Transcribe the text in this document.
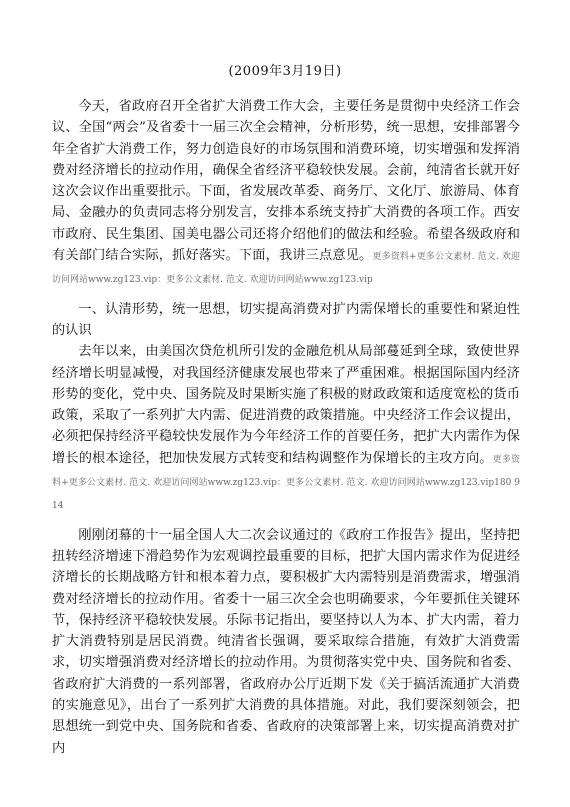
(2009年3月19日)

今天，省政府召开全省扩大消费工作大会，主要任务是贯彻中央经济工作会议、全国“两会”及省委十一届三次全会精神，分析形势，统一思想，安排部署今年全省扩大消费工作，努力创造良好的市场氛围和消费环境，切实增强和发挥消费对经济增长的拉动作用，确保全省经济平稳较快发展。会前，纯清省长就开好这次会议作出重要批示。下面，省发展改革委、商务厅、文化厅、旅游局、体育局、金融办的负责同志将分别发言，安排本系统支持扩大消费的各项工作。西安市政府、民生集团、国美电器公司还将介绍他们的做法和经验。希望各级政府和有关部门结合实际，抓好落实。下面，我讲三点意见。更多资料+更多公文素材. 范文. 欢迎访问网站www.zg123.vip：更多公文素材. 范文. 欢迎访问网站www.zg123.vip

一、认清形势，统一思想，切实提高消费对扩内需保增长的重要性和紧迫性的认识

去年以来，由美国次贷危机所引发的金融危机从局部蔓延到全球，致使世界经济增长明显减慢，对我国经济健康发展也带来了严重困难。根据国际国内经济形势的变化，党中央、国务院及时果断实施了积极的财政政策和适度宽松的货币政策，采取了一系列扩大内需、促进消费的政策措施。中央经济工作会议提出，必须把保持经济平稳较快发展作为今年经济工作的首要任务，把扩大内需作为保增长的根本途径，把加快发展方式转变和结构调整作为保增长的主攻方向。更多资料+更多公文素材. 范文. 欢迎访问网站www.zg123.vip：更多公文素材. 范文. 欢迎访问网站www.zg123.vip180 914

刚刚闭幕的十一届全国人大二次会议通过的《政府工作报告》提出，坚持把扭转经济增速下滑趋势作为宏观调控最重要的目标，把扩大国内需求作为促进经济增长的长期战略方针和根本着力点，要积极扩大内需特别是消费需求，增强消费对经济增长的拉动作用。省委十一届三次全会也明确要求，今年要抓住关键环节，保持经济平稳较快发展。乐际书记指出，要坚持以人为本、扩大内需，着力扩大消费特别是居民消费。纯清省长强调，要采取综合措施，有效扩大消费需求，切实增强消费对经济增长的拉动作用。为贯彻落实党中央、国务院和省委、省政府扩大消费的一系列部署，省政府办公厅近期下发《关于搞活流通扩大消费的实施意见》，出台了一系列扩大消费的具体措施。对此，我们要深刻领会，把思想统一到党中央、国务院和省委、省政府的决策部署上来，切实提高消费对扩内
